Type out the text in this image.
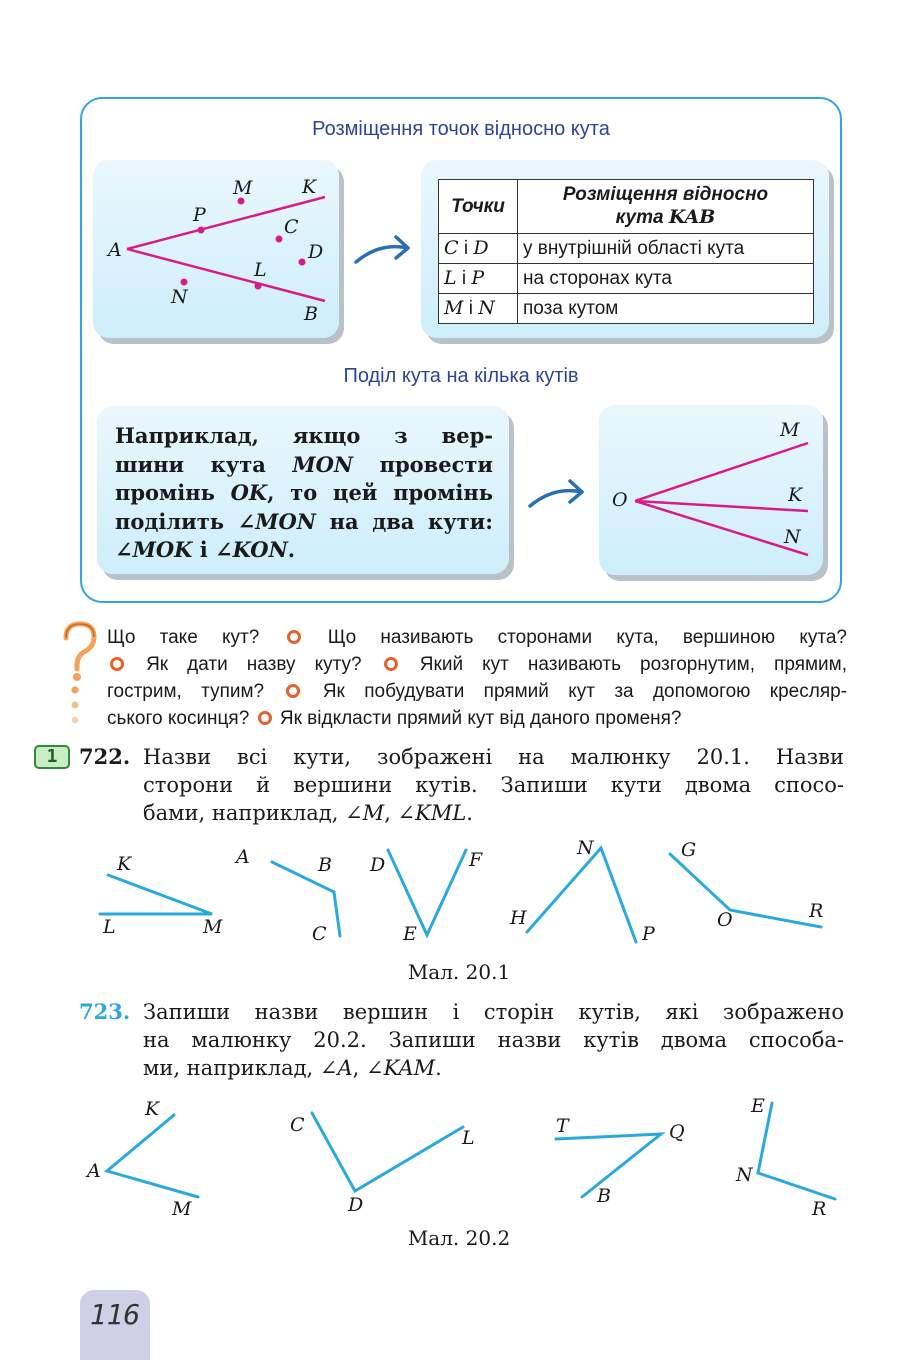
Розміщення точок відносно кута
A
P
M	K
C
D
L
N
B
Точки	Розміщення відносно
кута KAB
C і D	у внутрішній області кута
L і P	на сторонах кута
M і N	поза кутом
Поділ кута на кілька кутів
Наприклад, якщо з вер-
шини кута MON провести
промінь OK, то цей промінь
поділить ∠MON на два кути:
∠MOK і ∠KON.
O
M
K
N
Що таке кут?	Що називають сторонами кута, вершиною кута?
Як дати назву куту?	Який кут називають розгорнутим, прямим,
гострим, тупим?	Як побудувати прямий кут за допомогою кресляр-
ського косинця? Як відкласти прямий кут від даного променя?
1	722. Назви всі кути, зображені на малюнку 20.1. Назви
сторони й вершини кутів. Запиши кути двома спосо-
бами, наприклад, ∠M, ∠KML.
K
L	M
A	B
C
D
E
F
N
H
P
G
O	R
Мал. 20.1
723. Запиши назви вершин і сторін кутів, які зображено
на малюнку 20.2. Запиши назви кутів двома способа-
ми, наприклад, ∠A, ∠KAM.
K
A
M
C
D
L
T	Q
B
E
N
R
Мал. 20.2
116
